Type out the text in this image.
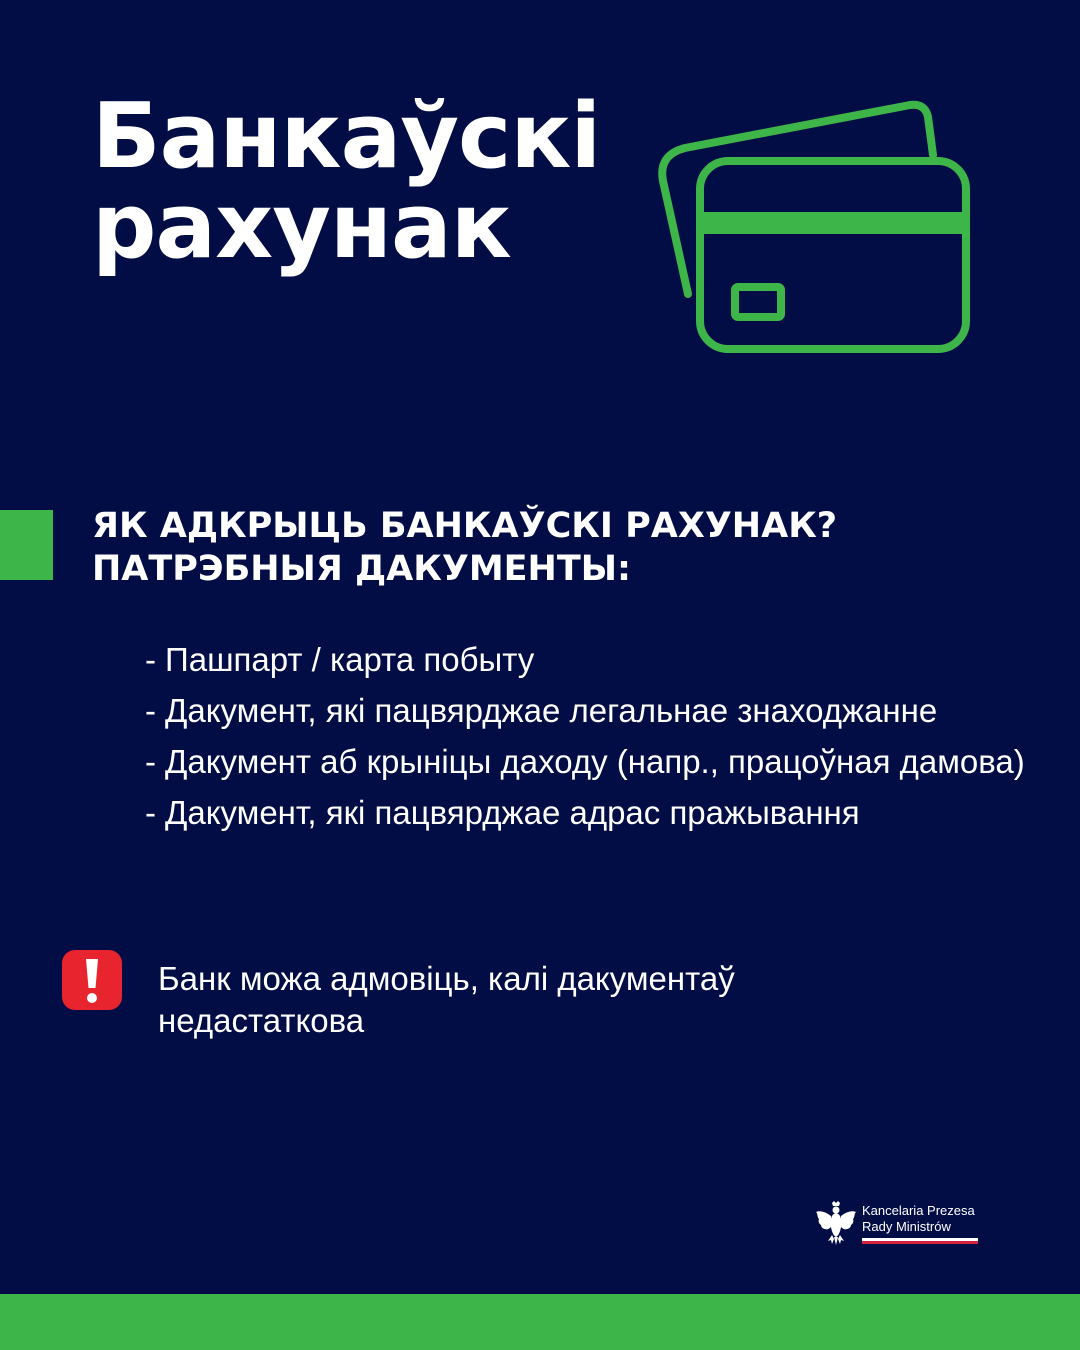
Банкаўскі
рахунак
ЯК АДКРЫЦЬ БАНКАЎСКІ РАХУНАК?
ПАТРЭБНЫЯ ДАКУМЕНТЫ:
- Пашпарт / карта побыту
- Дакумент, які пацвярджае легальнае знаходжанне
- Дакумент аб крыніцы даходу (напр., працоўная дамова)
- Дакумент, які пацвярджае адрас пражывання
Банк можа адмовіць, калі дакументаў недастаткова
Kancelaria Prezesa
Rady Ministrów
